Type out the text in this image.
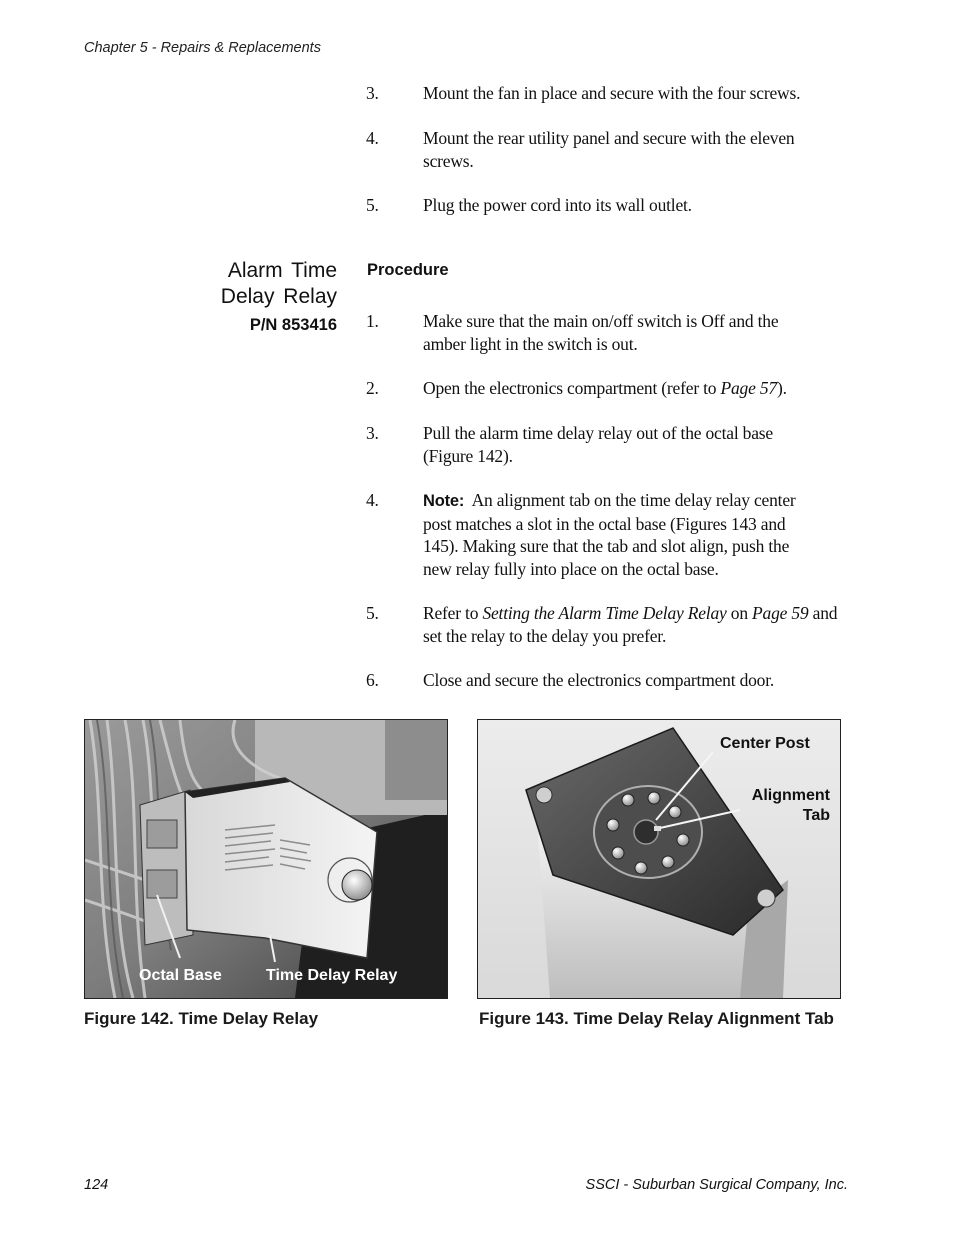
Chapter 5 - Repairs & Replacements
3.	Mount the fan in place and secure with the four screws.
4.	Mount the rear utility panel and secure with the eleven screws.
5.	Plug the power cord into its wall outlet.
Alarm Time
Delay Relay
P/N 853416
Procedure
1.	Make sure that the main on/off switch is Off and the amber light in the switch is out.
2.	Open the electronics compartment (refer to Page 57).
3.	Pull the alarm time delay relay out of the octal base (Figure 142).
4.	Note: An alignment tab on the time delay relay center post matches a slot in the octal base (Figures 143 and 145). Making sure that the tab and slot align, push the new relay fully into place on the octal base.
5.	Refer to Setting the Alarm Time Delay Relay on Page 59 and set the relay to the delay you prefer.
6.	Close and secure the electronics compartment door.
Octal Base	Time Delay Relay
Figure 142. Time Delay Relay
Center Post
Alignment
Tab
Figure 143. Time Delay Relay Alignment Tab
124	SSCI - Suburban Surgical Company, Inc.
